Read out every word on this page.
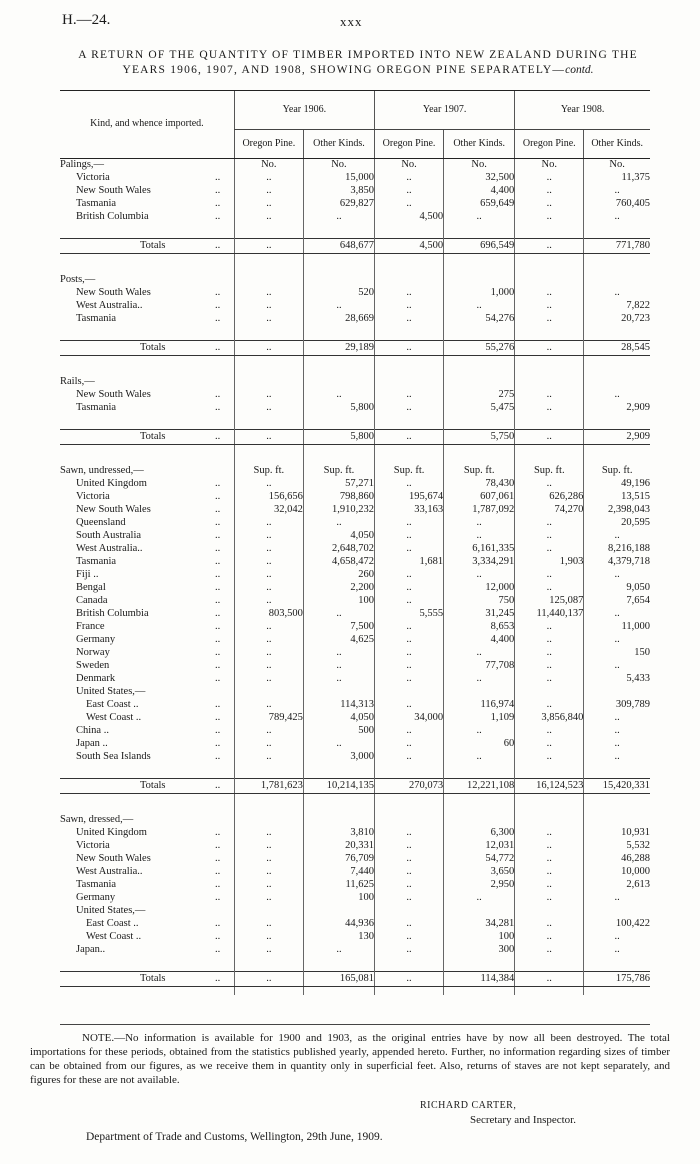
H.—24.	xxx
A RETURN OF THE QUANTITY OF TIMBER IMPORTED INTO NEW ZEALAND DURING THE YEARS 1906, 1907, AND 1908, SHOWING OREGON PINE SEPARATELY—contd.
Kind, and whence imported.	Year 1906.		Year 1907.		Year 1908.	
	Oregon Pine.	Other Kinds.	Oregon Pine.	Other Kinds.	Oregon Pine.	Other Kinds.
Palings,—	No.	No.	No.	No.	No.	No.
Victoria ..	..	15,000	..	32,500	..	11,375
New South Wales ..	..	3,850	..	4,400	..	..
Tasmania ..	..	629,827	..	659,649	..	760,405
British Columbia ..	..	..	4,500	..	..	..

Totals ..	..	648,677	4,500	696,549	..	771,780

Posts,—						
New South Wales ..	..	520	..	1,000	..	..
West Australia.. ..	..	..	..	..	..	7,822
Tasmania ..	..	28,669	..	54,276	..	20,723

Totals ..	..	29,189	..	55,276	..	28,545

Rails,—						
New South Wales ..	..	..	..	275	..	..
Tasmania ..	..	5,800	..	5,475	..	2,909

Totals ..	..	5,800	..	5,750	..	2,909

Sawn, undressed,—	Sup. ft.	Sup. ft.	Sup. ft.	Sup. ft.	Sup. ft.	Sup. ft.
United Kingdom ..	..	57,271	..	78,430	..	49,196
Victoria ..	156,656	798,860	195,674	607,061	626,286	13,515
New South Wales ..	32,042	1,910,232	33,163	1,787,092	74,270	2,398,043
Queensland ..	..	..	..	..	..	20,595
South Australia ..	..	4,050	..	..	..	..
West Australia.. ..	..	2,648,702	..	6,161,335	..	8,216,188
Tasmania ..	..	4,658,472	1,681	3,334,291	1,903	4,379,718
Fiji .. ..	..	260	..	..	..	..
Bengal ..	..	2,200	..	12,000	..	9,050
Canada ..	..	100	..	750	125,087	7,654
British Columbia ..	803,500	..	5,555	31,245	11,440,137	..
France ..	..	7,500	..	8,653	..	11,000
Germany ..	..	4,625	..	4,400	..	..
Norway ..	..	..	..	..	..	150
Sweden ..	..	..	..	77,708	..	..
Denmark ..	..	..	..	..	..	5,433
United States,—						
East Coast .. ..	..	114,313	..	116,974	..	309,789
West Coast .. ..	789,425	4,050	34,000	1,109	3,856,840	..
China .. ..	..	500	..	..	..	..
Japan .. ..	..	..	..	60	..	..
South Sea Islands ..	..	3,000	..	..	..	..

Totals ..	1,781,623	10,214,135	270,073	12,221,108	16,124,523	15,420,331

Sawn, dressed,—						
United Kingdom ..	..	3,810	..	6,300	..	10,931
Victoria ..	..	20,331	..	12,031	..	5,532
New South Wales ..	..	76,709	..	54,772	..	46,288
West Australia.. ..	..	7,440	..	3,650	..	10,000
Tasmania ..	..	11,625	..	2,950	..	2,613
Germany ..	..	100	..	..	..	..
United States,—						
East Coast .. ..	..	44,936	..	34,281	..	100,422
West Coast .. ..	..	130	..	100	..	..
Japan.. ..	..	..	..	300	..	..

Totals ..	..	165,081	..	114,384	..	175,786

NOTE.—No information is available for 1900 and 1903, as the original entries have by now all been destroyed. The total importations for these periods, obtained from the statistics published yearly, appended hereto. Further, no information regarding sizes of timber can be obtained from our figures, as we receive them in quantity only in superficial feet. Also, returns of staves are not kept separately, and figures for these are not available.
RICHARD CARTER,
Secretary and Inspector.
Department of Trade and Customs, Wellington, 29th June, 1909.
